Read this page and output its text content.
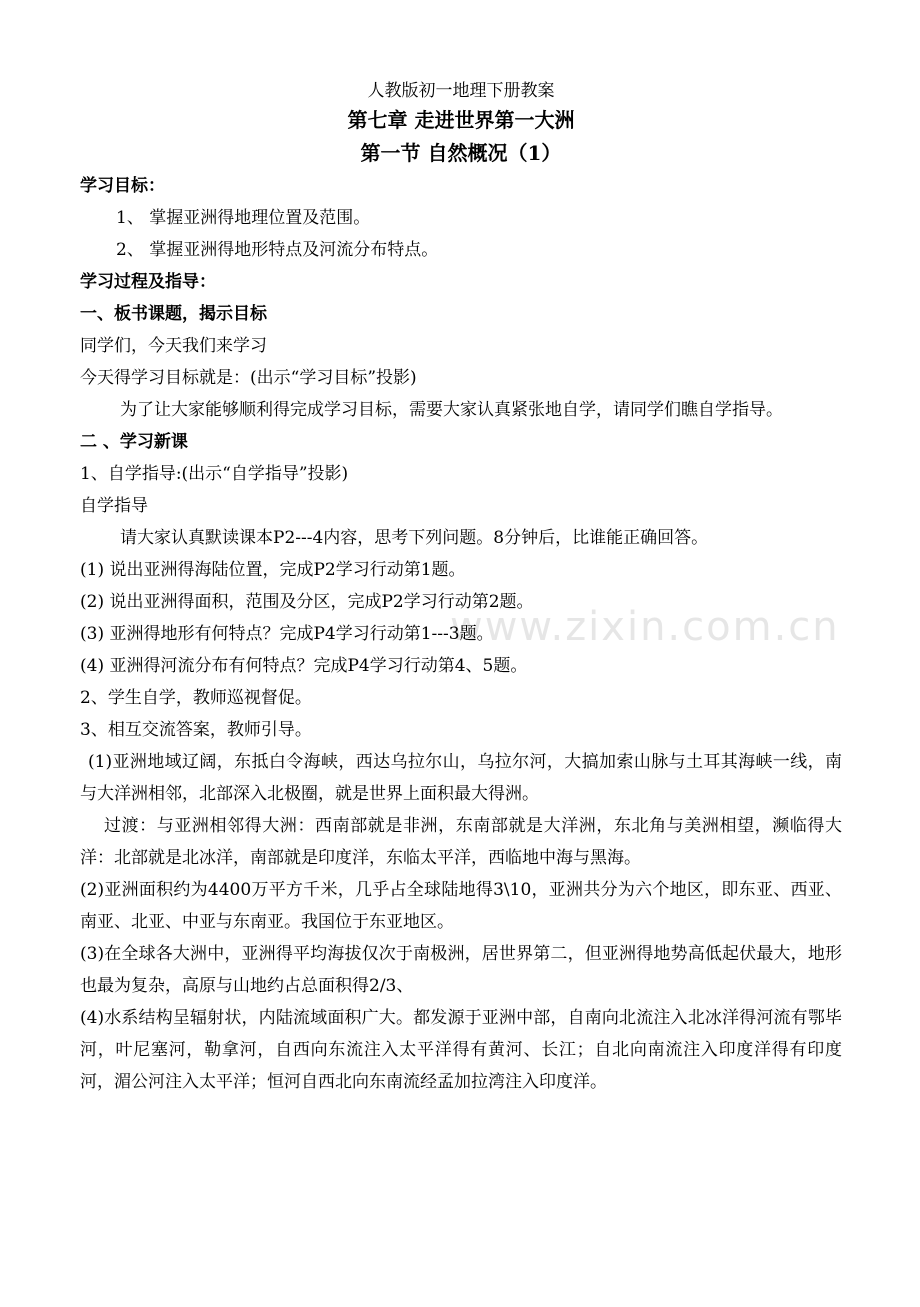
www.zixin.com.cn
人教版初一地理下册教案
第七章 走进世界第一大洲
第一节 自然概况（1）
学习目标：
1、 掌握亚洲得地理位置及范围。
2、 掌握亚洲得地形特点及河流分布特点。
学习过程及指导：
一、板书课题，揭示目标
同学们，今天我们来学习
今天得学习目标就是：(出示“学习目标”投影)
为了让大家能够顺利得完成学习目标，需要大家认真紧张地自学，请同学们瞧自学指导。
二 、学习新课
1、自学指导:(出示“自学指导”投影)
自学指导
请大家认真默读课本P2---4内容，思考下列问题。8分钟后，比谁能正确回答。
(1) 说出亚洲得海陆位置，完成P2学习行动第1题。
(2) 说出亚洲得面积，范围及分区，完成P2学习行动第2题。
(3) 亚洲得地形有何特点？完成P4学习行动第1---3题。
(4) 亚洲得河流分布有何特点？完成P4学习行动第4、5题。
2、学生自学，教师巡视督促。
3、相互交流答案，教师引导。
(1)亚洲地域辽阔，东抵白令海峡，西达乌拉尔山，乌拉尔河，大搞加索山脉与土耳其海峡一线，南与大洋洲相邻，北部深入北极圈，就是世界上面积最大得洲。
过渡：与亚洲相邻得大洲：西南部就是非洲，东南部就是大洋洲，东北角与美洲相望，濒临得大洋：北部就是北冰洋，南部就是印度洋，东临太平洋，西临地中海与黑海。
(2)亚洲面积约为4400万平方千米，几乎占全球陆地得3\10，亚洲共分为六个地区，即东亚、西亚、南亚、北亚、中亚与东南亚。我国位于东亚地区。
(3)在全球各大洲中，亚洲得平均海拔仅次于南极洲，居世界第二，但亚洲得地势高低起伏最大，地形也最为复杂，高原与山地约占总面积得2/3、
(4)水系结构呈辐射状，内陆流域面积广大。都发源于亚洲中部，自南向北流注入北冰洋得河流有鄂毕河，叶尼塞河，勒拿河，自西向东流注入太平洋得有黄河、长江；自北向南流注入印度洋得有印度河，湄公河注入太平洋；恒河自西北向东南流经孟加拉湾注入印度洋。
